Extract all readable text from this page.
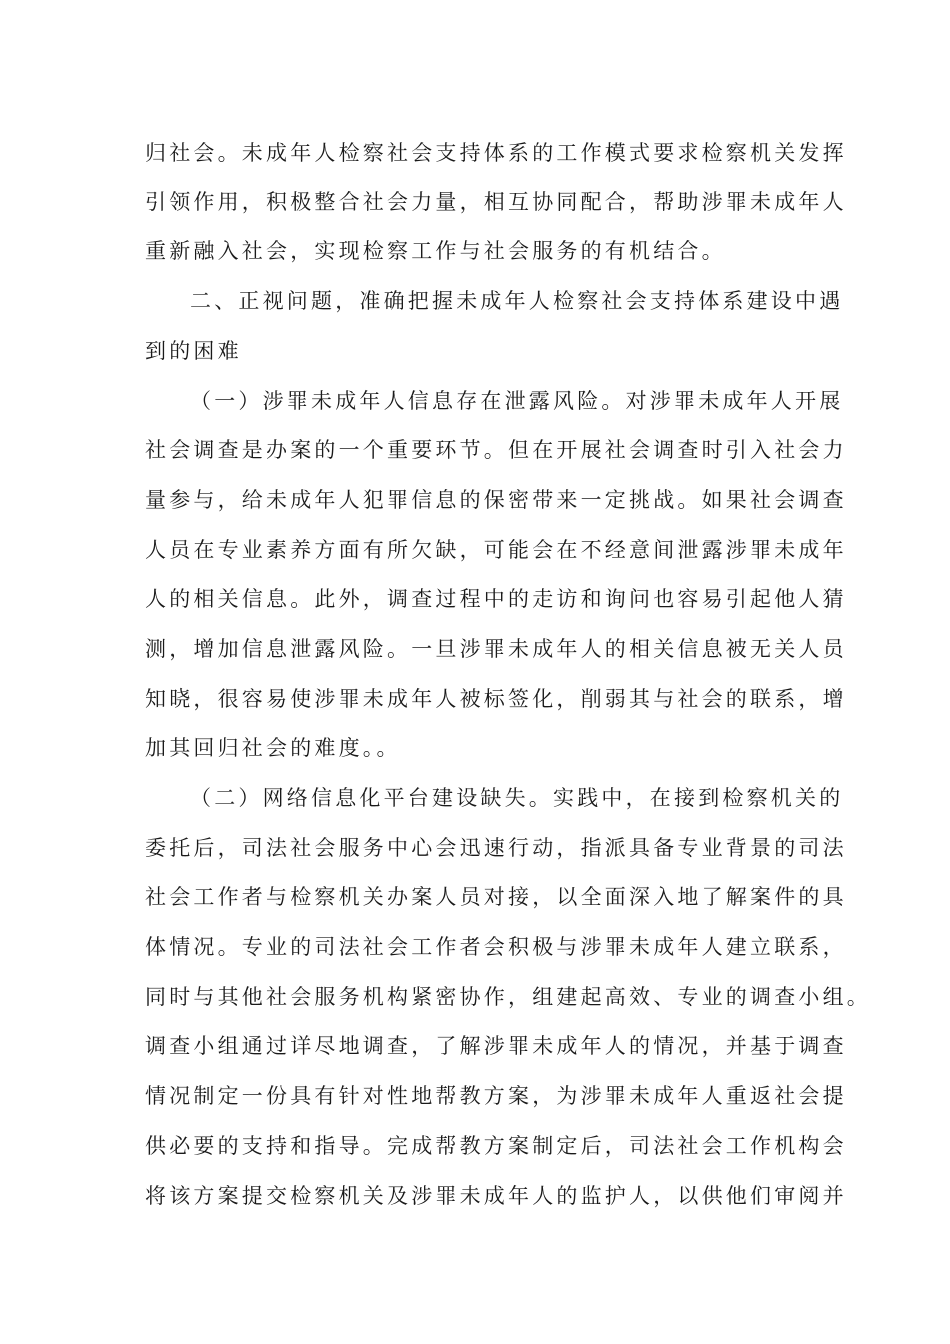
归社会。未成年人检察社会支持体系的工作模式要求检察机关发挥
引领作用，积极整合社会力量，相互协同配合，帮助涉罪未成年人
重新融入社会，实现检察工作与社会服务的有机结合。
二、正视问题，准确把握未成年人检察社会支持体系建设中遇
到的困难
（一）涉罪未成年人信息存在泄露风险。对涉罪未成年人开展
社会调查是办案的一个重要环节。但在开展社会调查时引入社会力
量参与，给未成年人犯罪信息的保密带来一定挑战。如果社会调查
人员在专业素养方面有所欠缺，可能会在不经意间泄露涉罪未成年
人的相关信息。此外，调查过程中的走访和询问也容易引起他人猜
测，增加信息泄露风险。一旦涉罪未成年人的相关信息被无关人员
知晓，很容易使涉罪未成年人被标签化，削弱其与社会的联系，增
加其回归社会的难度。。
（二）网络信息化平台建设缺失。实践中，在接到检察机关的
委托后，司法社会服务中心会迅速行动，指派具备专业背景的司法
社会工作者与检察机关办案人员对接，以全面深入地了解案件的具
体情况。专业的司法社会工作者会积极与涉罪未成年人建立联系，
同时与其他社会服务机构紧密协作，组建起高效、专业的调查小组。
调查小组通过详尽地调查，了解涉罪未成年人的情况，并基于调查
情况制定一份具有针对性地帮教方案，为涉罪未成年人重返社会提
供必要的支持和指导。完成帮教方案制定后，司法社会工作机构会
将该方案提交检察机关及涉罪未成年人的监护人，以供他们审阅并
